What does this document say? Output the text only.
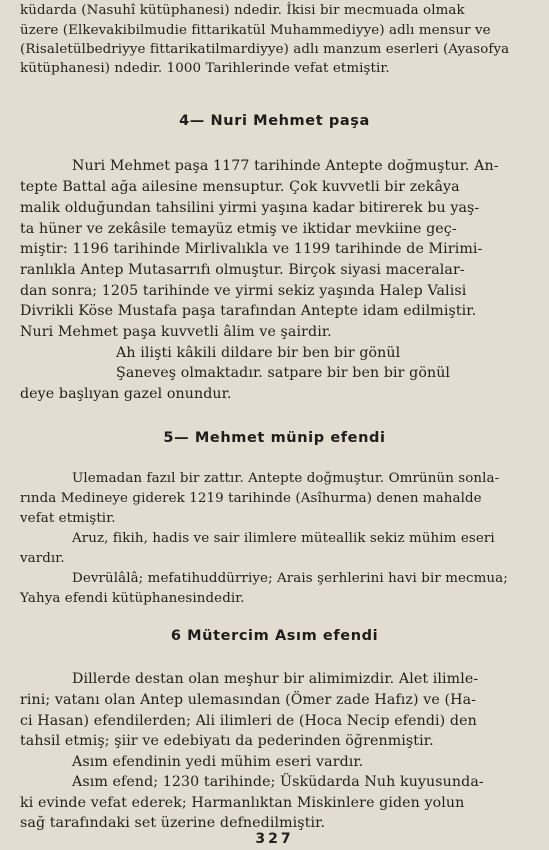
küdarda (Nasuhî kütüphanesi) ndedir. İkisi bir mecmuada olmak
üzere (Elkevakibilmudie fittarikatül Muhammediyye) adlı mensur ve
(Risaletülbedriyye fittarikatilmardiyye) adlı manzum eserleri (Ayasofya
kütüphanesi) ndedir. 1000 Tarihlerinde vefat etmiştir.
4— Nuri Mehmet paşa
Nuri Mehmet paşa 1177 tarihinde Antepte doğmuştur. An-
tepte Battal ağa ailesine mensuptur. Çok kuvvetli bir zekâya
malik olduğundan tahsilini yirmi yaşına kadar bitirerek bu yaş-
ta hüner ve zekâsile temayüz etmiş ve iktidar mevkiine geç-
miştir: 1196 tarihinde Mirlivalıkla ve 1199 tarihinde de Mirimi-
ranlıkla Antep Mutasarrıfı olmuştur. Birçok siyasi maceralar-
dan sonra; 1205 tarihinde ve yirmi sekiz yaşında Halep Valisi
Divrikli Köse Mustafa paşa tarafından Antepte idam edilmiştir.
Nuri Mehmet paşa kuvvetli âlim ve şairdir.
Ah ilişti kâkili dildare bir ben bir gönül
Şaneveş olmaktadır. satpare bir ben bir gönül
deye başlıyan gazel onundur.
5— Mehmet münip efendi
Ulemadan fazıl bir zattır. Antepte doğmuştur. Omrünün sonla-
rında Medineye giderek 1219 tarihinde (Asîhurma) denen mahalde
vefat etmiştir.
Aruz, fikih, hadis ve sair ilimlere müteallik sekiz mühim eseri
vardır.
Devrülâlâ; mefatihuddürriye; Arais şerhlerini havi bir mecmua;
Yahya efendi kütüphanesindedir.
6 Mütercim Asım efendi
Dillerde destan olan meşhur bir alimimizdir. Alet ilimle-
rini; vatanı olan Antep ulemasından (Ömer zade Hafız) ve (Ha-
ci Hasan) efendilerden; Ali ilimleri de (Hoca Necip efendi) den
tahsil etmiş; şiir ve edebiyatı da pederinden öğrenmiştir.
Asım efendinin yedi mühim eseri vardır.
Asım efend; 1230 tarihinde; Üsküdarda Nuh kuyusunda-
ki evinde vefat ederek; Harmanlıktan Miskinlere giden yolun
sağ tarafındaki set üzerine defnedilmiştir.
327
